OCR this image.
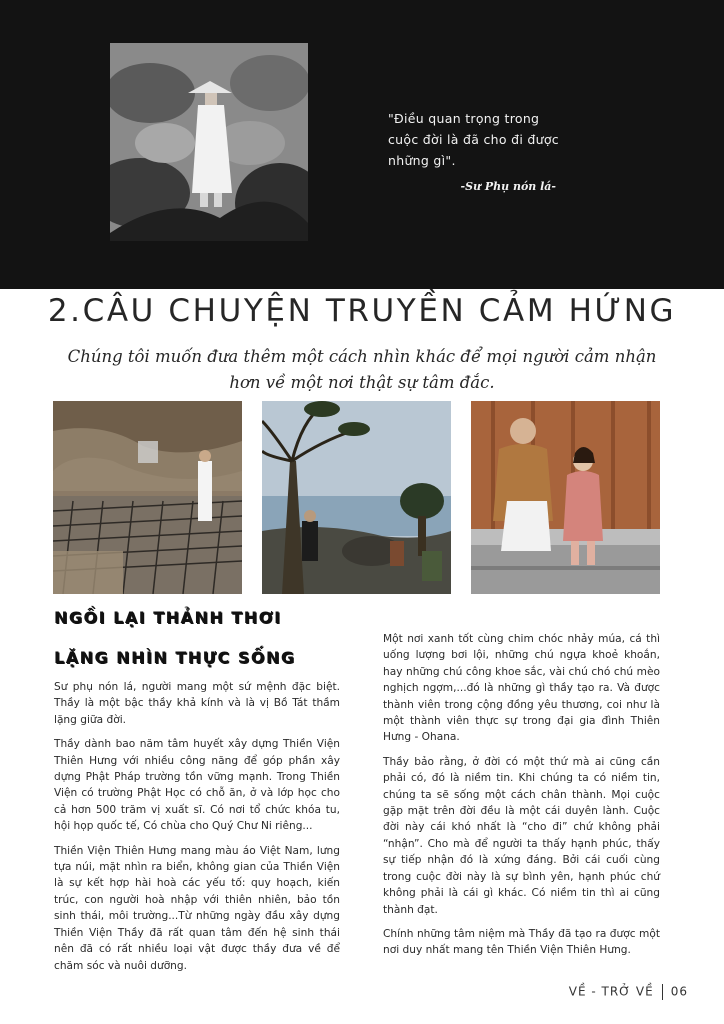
"Điều quan trọng trong cuộc đời là đã cho đi được những gì".
-Sư Phụ nón lá-
2.CÂU CHUYỆN TRUYỀN CẢM HỨNG
Chúng tôi muốn đưa thêm một cách nhìn khác để mọi người cảm nhận hơn về một nơi thật sự tâm đắc.
NGỒI LẠI THẢNH THƠI
LẶNG NHÌN THỰC SỐNG

Sư phụ nón lá, người mang một sứ mệnh đặc biệt. Thầy là một bậc thầy khả kính và là vị Bồ Tát thầm lặng giữa đời.

Thầy dành bao năm tâm huyết xây dựng Thiền Viện Thiên Hưng với nhiều công năng để góp phần xây dựng Phật Pháp trường tồn vững mạnh. Trong Thiền Viện có trường Phật Học có chỗ ăn, ở và lớp học cho cả hơn 500 trăm vị xuất sĩ. Có nơi tổ chức khóa tu, hội họp quốc tế, Có chùa cho Quý Chư Ni riêng...

Thiền Viện Thiên Hưng mang màu áo Việt Nam, lưng tựa núi, mặt nhìn ra biển, không gian của Thiền Viện là sự kết hợp hài hoà các yếu tố: quy hoạch, kiến trúc, con người hoà nhập với thiên nhiên, bảo tồn sinh thái, môi trường...Từ những ngày đầu xây dựng Thiền Viện Thầy đã rất quan tâm đến hệ sinh thái nên đã có rất nhiều loại vật được thầy đưa về để chăm sóc và nuôi dưỡng.

Một nơi xanh tốt cùng chim chóc nhảy múa, cá thì uống lượng bơi lội, những chú ngựa khoẻ khoắn, hay những chú công khoe sắc, vài chú chó chú mèo nghịch ngợm,...đó là những gì thầy tạo ra. Và được thành viên trong cộng đồng yêu thương, coi như là một thành viên thực sự trong đại gia đình Thiên Hưng - Ohana.

Thầy bảo rằng, ở đời có một thứ mà ai cũng cần phải có, đó là niềm tin. Khi chúng ta có niềm tin, chúng ta sẽ sống một cách chân thành. Mọi cuộc gặp mặt trên đời đều là một cái duyên lành. Cuộc đời này cái khó nhất là “cho đi” chứ không phải “nhận”. Cho mà để người ta thấy hạnh phúc, thấy sự tiếp nhận đó là xứng đáng. Bởi cái cuối cùng trong cuộc đời này là sự bình yên, hạnh phúc chứ không phải là cái gì khác. Có niềm tin thì ai cũng thành đạt.

Chính những tâm niệm mà Thầy đã tạo ra được một nơi duy nhất mang tên Thiền Viện Thiên Hưng.

VỀ - TRỞ VỀ 06
